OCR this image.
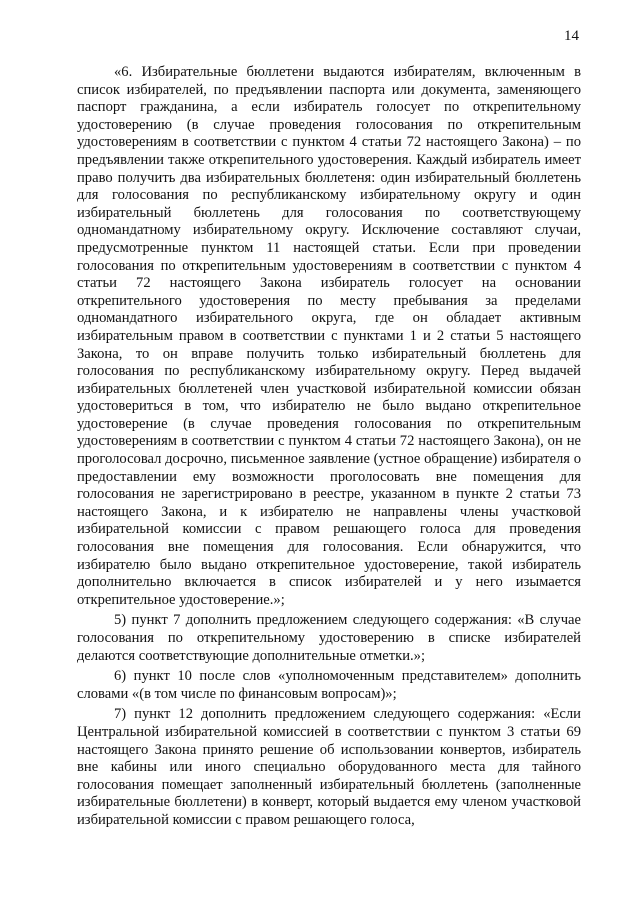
14

«6. Избирательные бюллетени выдаются избирателям, включенным в список избирателей, по предъявлении паспорта или документа, заменяющего паспорт гражданина, а если избиратель голосует по открепительному удостоверению (в случае проведения голосования по открепительным удостоверениям в соответствии с пунктом 4 статьи 72 настоящего Закона) – по предъявлении также открепительного удостоверения. Каждый избиратель имеет право получить два избирательных бюллетеня: один избирательный бюллетень для голосования по республиканскому избирательному округу и один избирательный бюллетень для голосования по соответствующему одномандатному избирательному округу. Исключение составляют случаи, предусмотренные пунктом 11 настоящей статьи. Если при проведении голосования по открепительным удостоверениям в соответствии с пунктом 4 статьи 72 настоящего Закона избиратель голосует на основании открепительного удостоверения по месту пребывания за пределами одномандатного избирательного округа, где он обладает активным избирательным правом в соответствии с пунктами 1 и 2 статьи 5 настоящего Закона, то он вправе получить только избирательный бюллетень для голосования по республиканскому избирательному округу. Перед выдачей избирательных бюллетеней член участковой избирательной комиссии обязан удостовериться в том, что избирателю не было выдано открепительное удостоверение (в случае проведения голосования по открепительным удостоверениям в соответствии с пунктом 4 статьи 72 настоящего Закона), он не проголосовал досрочно, письменное заявление (устное обращение) избирателя о предоставлении ему возможности проголосовать вне помещения для голосования не зарегистрировано в реестре, указанном в пункте 2 статьи 73 настоящего Закона, и к избирателю не направлены члены участковой избирательной комиссии с правом решающего голоса для проведения голосования вне помещения для голосования. Если обнаружится, что избирателю было выдано открепительное удостоверение, такой избиратель дополнительно включается в список избирателей и у него изымается открепительное удостоверение.»;

5) пункт 7 дополнить предложением следующего содержания: «В случае голосования по открепительному удостоверению в списке избирателей делаются соответствующие дополнительные отметки.»;

6) пункт 10 после слов «уполномоченным представителем» дополнить словами «(в том числе по финансовым вопросам)»;

7) пункт 12 дополнить предложением следующего содержания: «Если Центральной избирательной комиссией в соответствии с пунктом 3 статьи 69 настоящего Закона принято решение об использовании конвертов, избиратель вне кабины или иного специально оборудованного места для тайного голосования помещает заполненный избирательный бюллетень (заполненные избирательные бюллетени) в конверт, который выдается ему членом участковой избирательной комиссии с правом решающего голоса,
